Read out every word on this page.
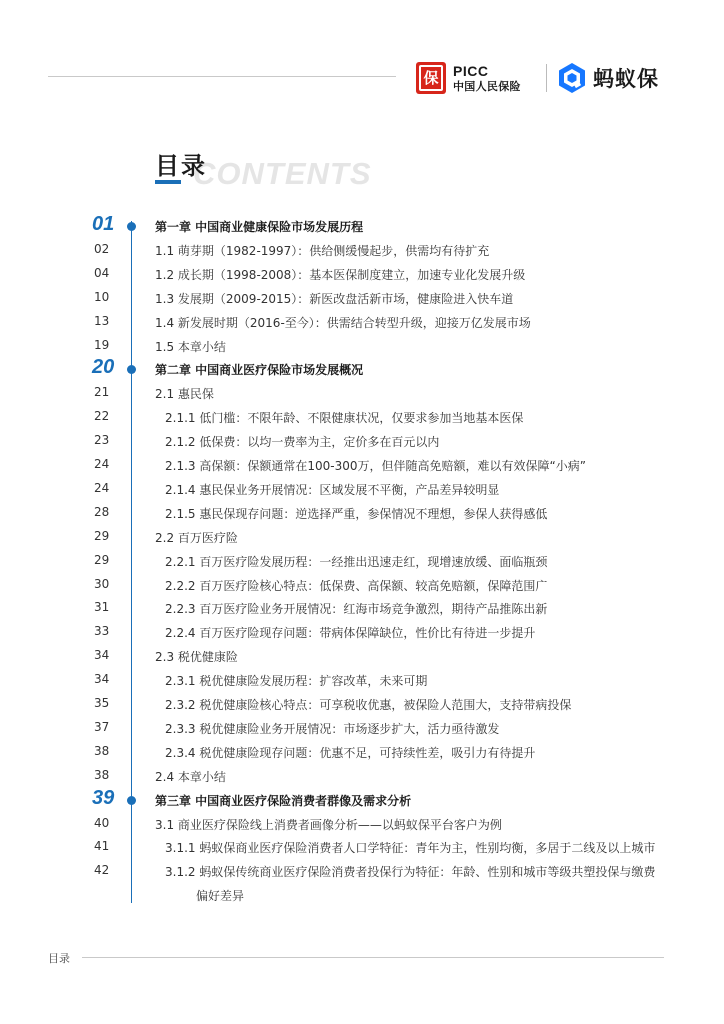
保	PICC
中国人民保险	蚂蚁保
CONTENTS
目录
01	第一章 中国商业健康保险市场发展历程
02	1.1 萌芽期（1982-1997）：供给侧缓慢起步，供需均有待扩充
04	1.2 成长期（1998-2008）：基本医保制度建立，加速专业化发展升级
10	1.3 发展期（2009-2015）：新医改盘活新市场，健康险进入快车道
13	1.4 新发展时期（2016-至今）：供需结合转型升级，迎接万亿发展市场
19	1.5 本章小结
20	第二章 中国商业医疗保险市场发展概况
21	2.1 惠民保
22	2.1.1 低门槛：不限年龄、不限健康状况，仅要求参加当地基本医保
23	2.1.2 低保费：以均一费率为主，定价多在百元以内
24	2.1.3 高保额：保额通常在100-300万，但伴随高免赔额，难以有效保障“小病”
24	2.1.4 惠民保业务开展情况：区域发展不平衡，产品差异较明显
28	2.1.5 惠民保现存问题：逆选择严重，参保情况不理想，参保人获得感低
29	2.2 百万医疗险
29	2.2.1 百万医疗险发展历程：一经推出迅速走红，现增速放缓、面临瓶颈
30	2.2.2 百万医疗险核心特点：低保费、高保额、较高免赔额，保障范围广
31	2.2.3 百万医疗险业务开展情况：红海市场竞争激烈，期待产品推陈出新
33	2.2.4 百万医疗险现存问题：带病体保障缺位，性价比有待进一步提升
34	2.3 税优健康险
34	2.3.1 税优健康险发展历程：扩容改革，未来可期
35	2.3.2 税优健康险核心特点：可享税收优惠，被保险人范围大，支持带病投保
37	2.3.3 税优健康险业务开展情况：市场逐步扩大，活力亟待激发
38	2.3.4 税优健康险现存问题：优惠不足，可持续性差，吸引力有待提升
38	2.4 本章小结
39	第三章 中国商业医疗保险消费者群像及需求分析
40	3.1 商业医疗保险线上消费者画像分析——以蚂蚁保平台客户为例
41	3.1.1 蚂蚁保商业医疗保险消费者人口学特征：青年为主，性别均衡，多居于二线及以上城市
42	3.1.2 蚂蚁保传统商业医疗保险消费者投保行为特征：年龄、性别和城市等级共塑投保与缴费
偏好差异
目录
